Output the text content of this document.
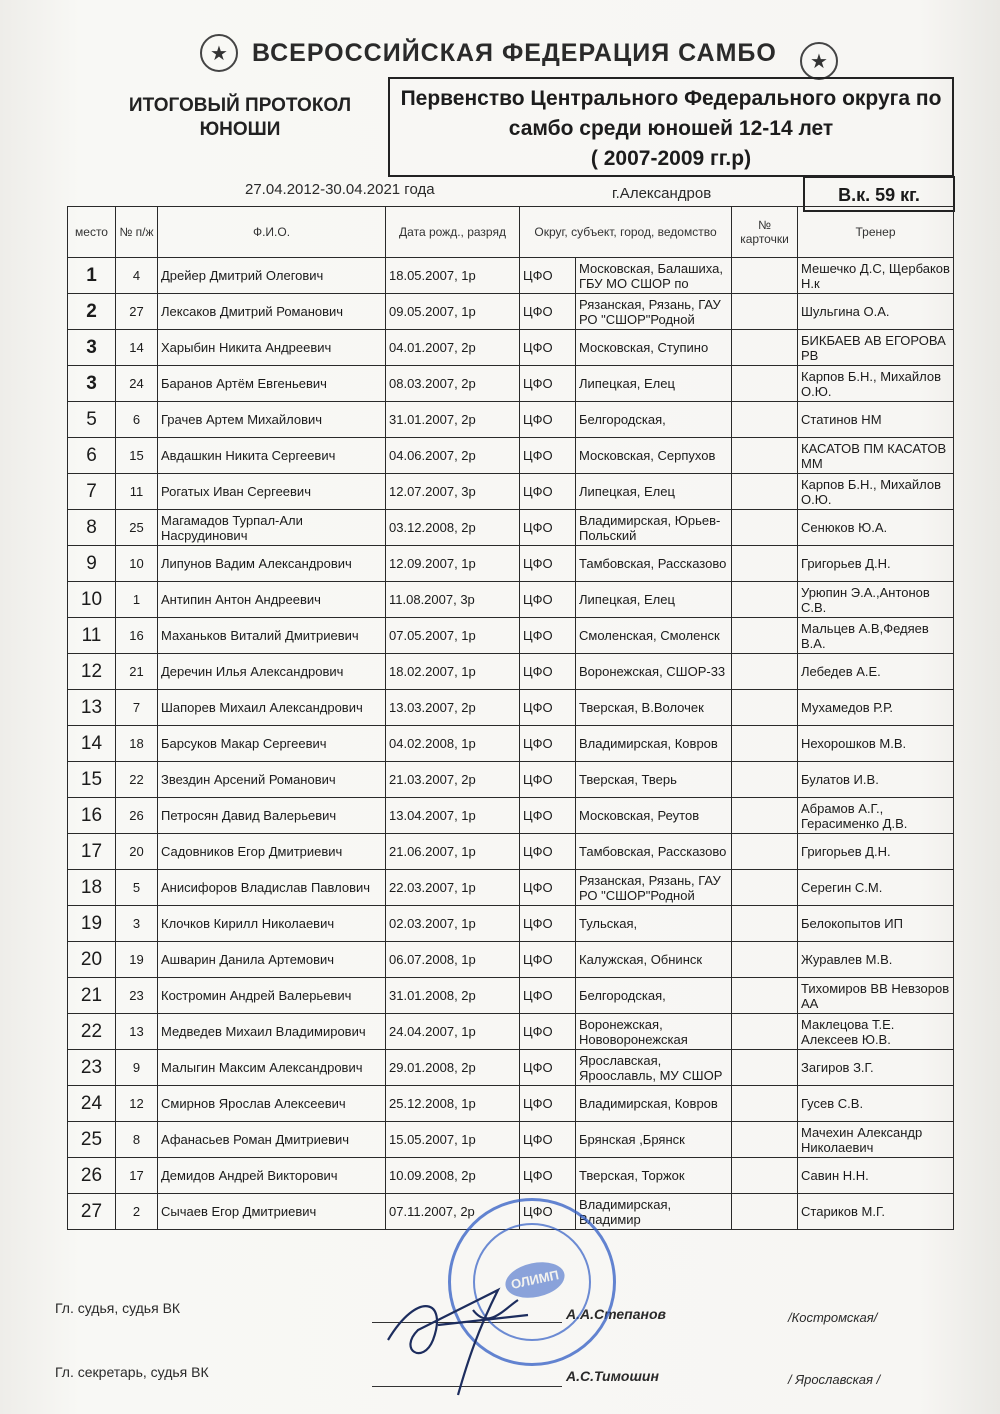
★ ВСЕРОССИЙСКАЯ ФЕДЕРАЦИЯ САМБО	★
ИТОГОВЫЙ ПРОТОКОЛ
ЮНОШИ
Первенство Центрального Федерального округа по
самбо среди юношей 12-14 лет
( 2007-2009 гг.р)
27.04.2012-30.04.2021 года	г.Александров	В.к. 59 кг.
место	№ п/ж	Ф.И.О.	Дата рожд., разряд	Округ, субъект, город, ведомство		№ карточки	Тренер
1	4	Дрейер Дмитрий Олегович	18.05.2007, 1р	ЦФО	Московская, Балашиха, ГБУ МО СШОР по		Мешечко Д.С, Щербаков Н.к
2	27	Лексаков Дмитрий Романович	09.05.2007, 1р	ЦФО	Рязанская, Рязань, ГАУ РО "СШОР"Родной		Шульгина О.А.
3	14	Харыбин Никита Андреевич	04.01.2007, 2р	ЦФО	Московская, Ступино		БИКБАЕВ АВ ЕГОРОВА РВ
3	24	Баранов Артём Евгеньевич	08.03.2007, 2р	ЦФО	Липецкая, Елец		Карпов Б.Н., Михайлов О.Ю.
5	6	Грачев Артем Михайлович	31.01.2007, 2р	ЦФО	Белгородская,		Статинов НМ
6	15	Авдашкин Никита Сергеевич	04.06.2007, 2р	ЦФО	Московская, Серпухов		КАСАТОВ ПМ КАСАТОВ ММ
7	11	Рогатых Иван Сергеевич	12.07.2007, 3р	ЦФО	Липецкая, Елец		Карпов Б.Н., Михайлов О.Ю.
8	25	Магамадов Турпал-Али Насрудинович	03.12.2008, 2р	ЦФО	Владимирская, Юрьев-Польский		Сенюков Ю.А.
9	10	Липунов Вадим Александрович	12.09.2007, 1р	ЦФО	Тамбовская, Рассказово		Григорьев Д.Н.
10	1	Антипин Антон Андреевич	11.08.2007, 3р	ЦФО	Липецкая, Елец		Урюпин Э.А.,Антонов С.В.
11	16	Маханьков Виталий Дмитриевич	07.05.2007, 1р	ЦФО	Смоленская, Смоленск		Мальцев А.В,Федяев В.А.
12	21	Деречин Илья Александрович	18.02.2007, 1р	ЦФО	Воронежская, СШОР-33		Лебедев А.Е.
13	7	Шапорев Михаил Александрович	13.03.2007, 2р	ЦФО	Тверская, В.Волочек		Мухамедов Р.Р.
14	18	Барсуков Макар Сергеевич	04.02.2008, 1р	ЦФО	Владимирская, Ковров		Нехорошков М.В.
15	22	Звездин Арсений Романович	21.03.2007, 2р	ЦФО	Тверская, Тверь		Булатов И.В.
16	26	Петросян Давид Валерьевич	13.04.2007, 1р	ЦФО	Московская, Реутов		Абрамов А.Г., Герасименко Д.В.
17	20	Садовников Егор Дмитриевич	21.06.2007, 1р	ЦФО	Тамбовская, Рассказово		Григорьев Д.Н.
18	5	Анисифоров Владислав Павлович	22.03.2007, 1р	ЦФО	Рязанская, Рязань, ГАУ РО "СШОР"Родной		Серегин С.М.
19	3	Клочков Кирилл Николаевич	02.03.2007, 1р	ЦФО	Тульская,		Белокопытов ИП
20	19	Ашварин Данила Артемович	06.07.2008, 1р	ЦФО	Калужская, Обнинск		Журавлев М.В.
21	23	Костромин Андрей Валерьевич	31.01.2008, 2р	ЦФО	Белгородская,		Тихомиров ВВ Невзоров АА
22	13	Медведев Михаил Владимирович	24.04.2007, 1р	ЦФО	Воронежская, Нововоронежская		Маклецова Т.Е. Алексеев Ю.В.
23	9	Малыгин Максим Александрович	29.01.2008, 2р	ЦФО	Ярославская, Яроославль, МУ СШОР		Загиров З.Г.
24	12	Смирнов Ярослав Алексеевич	25.12.2008, 1р	ЦФО	Владимирская, Ковров		Гусев С.В.
25	8	Афанасьев Роман Дмитриевич	15.05.2007, 1р	ЦФО	Брянская ,Брянск		Мачехин Александр Николаевич
26	17	Демидов Андрей Викторович	10.09.2008, 2р	ЦФО	Тверская, Торжок		Савин Н.Н.
27	2	Сычаев Егор Дмитриевич	07.11.2007, 2р	ЦФО	Владимирская, Владимир		Стариков М.Г.
Гл. судья, судья ВК	А.А.Степанов	/Костромская/
Гл. секретарь, судья ВК	А.С.Тимошин	/ Ярославская /
ОЛИМП
